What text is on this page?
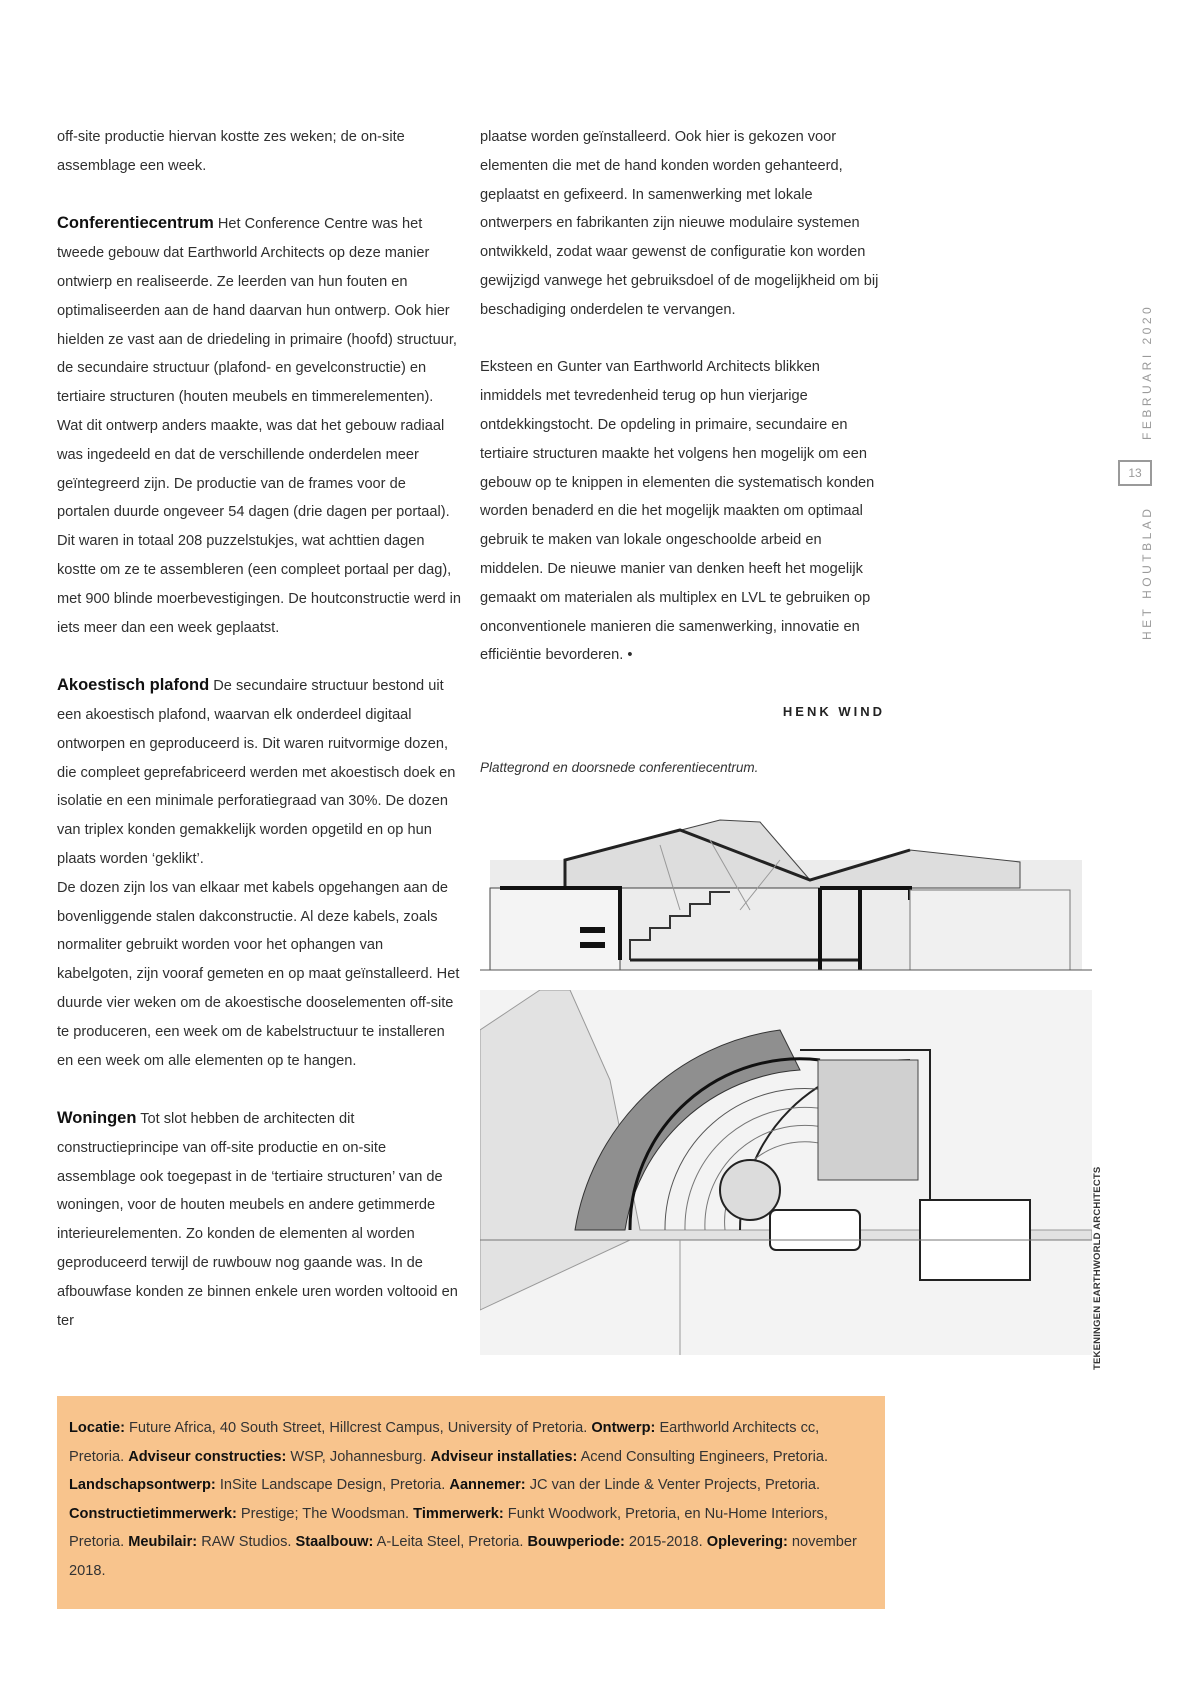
off-site productie hiervan kostte zes weken; de on-site assemblage een week.

Conferentiecentrum Het Conference Centre was het tweede gebouw dat Earthworld Architects op deze manier ontwierp en realiseerde. Ze leerden van hun fouten en optimaliseerden aan de hand daarvan hun ontwerp. Ook hier hielden ze vast aan de driedeling in primaire (hoofd) structuur, de secundaire structuur (plafond- en gevelconstructie) en tertiaire structuren (houten meubels en timmerelementen).

Wat dit ontwerp anders maakte, was dat het gebouw radiaal was ingedeeld en dat de verschillende onderdelen meer geïntegreerd zijn. De productie van de frames voor de portalen duurde ongeveer 54 dagen (drie dagen per portaal). Dit waren in totaal 208 puzzelstukjes, wat achttien dagen kostte om ze te assembleren (een compleet portaal per dag), met 900 blinde moerbevestigingen. De houtconstructie werd in iets meer dan een week geplaatst.

Akoestisch plafond De secundaire structuur bestond uit een akoestisch plafond, waarvan elk onderdeel digitaal ontworpen en geproduceerd is. Dit waren ruitvormige dozen, die compleet geprefabriceerd werden met akoestisch doek en isolatie en een minimale perforatiegraad van 30%. De dozen van triplex konden gemakkelijk worden opgetild en op hun plaats worden ‘geklikt’.

De dozen zijn los van elkaar met kabels opgehangen aan de bovenliggende stalen dakconstructie. Al deze kabels, zoals normaliter gebruikt worden voor het ophangen van kabelgoten, zijn vooraf gemeten en op maat geïnstalleerd. Het duurde vier weken om de akoestische dooselementen off-site te produceren, een week om de kabelstructuur te installeren en een week om alle elementen op te hangen.

Woningen Tot slot hebben de architecten dit constructieprincipe van off-site productie en on-site assemblage ook toegepast in de ‘tertiaire structuren’ van de woningen, voor de houten meubels en andere getimmerde interieurelementen. Zo konden de elementen al worden geproduceerd terwijl de ruwbouw nog gaande was. In de afbouwfase konden ze binnen enkele uren worden voltooid en ter

plaatse worden geïnstalleerd. Ook hier is gekozen voor elementen die met de hand konden worden gehanteerd, geplaatst en gefixeerd. In samenwerking met lokale ontwerpers en fabrikanten zijn nieuwe modulaire systemen ontwikkeld, zodat waar gewenst de configuratie kon worden gewijzigd vanwege het gebruiksdoel of de mogelijkheid om bij beschadiging onderdelen te vervangen.

Eksteen en Gunter van Earthworld Architects blikken inmiddels met tevredenheid terug op hun vierjarige ontdekkingstocht. De opdeling in primaire, secundaire en tertiaire structuren maakte het volgens hen mogelijk om een gebouw op te knippen in elementen die systematisch konden worden benaderd en die het mogelijk maakten om optimaal gebruik te maken van lokale ongeschoolde arbeid en middelen. De nieuwe manier van denken heeft het mogelijk gemaakt om materialen als multiplex en LVL te gebruiken op onconventionele manieren die samenwerking, innovatie en efficiëntie bevorderen. •

HENK WIND
Plattegrond en doorsnede conferentiecentrum.
TEKENINGEN EARTHWORLD ARCHITECTS
HET HOUTBLAD
13
FEBRUARI 2020
Locatie: Future Africa, 40 South Street, Hillcrest Campus, University of Pretoria. Ontwerp: Earthworld Architects cc, Pretoria. Adviseur constructies: WSP, Johannesburg. Adviseur installaties: Acend Consulting Engineers, Pretoria. Landschapsontwerp: InSite Landscape Design, Pretoria. Aannemer: JC van der Linde & Venter Projects, Pretoria. Constructietimmerwerk: Prestige; The Woodsman. Timmerwerk: Funkt Woodwork, Pretoria, en Nu-Home Interiors, Pretoria. Meubilair: RAW Studios. Staalbouw: A-Leita Steel, Pretoria. Bouwperiode: 2015-2018. Oplevering: november 2018.
